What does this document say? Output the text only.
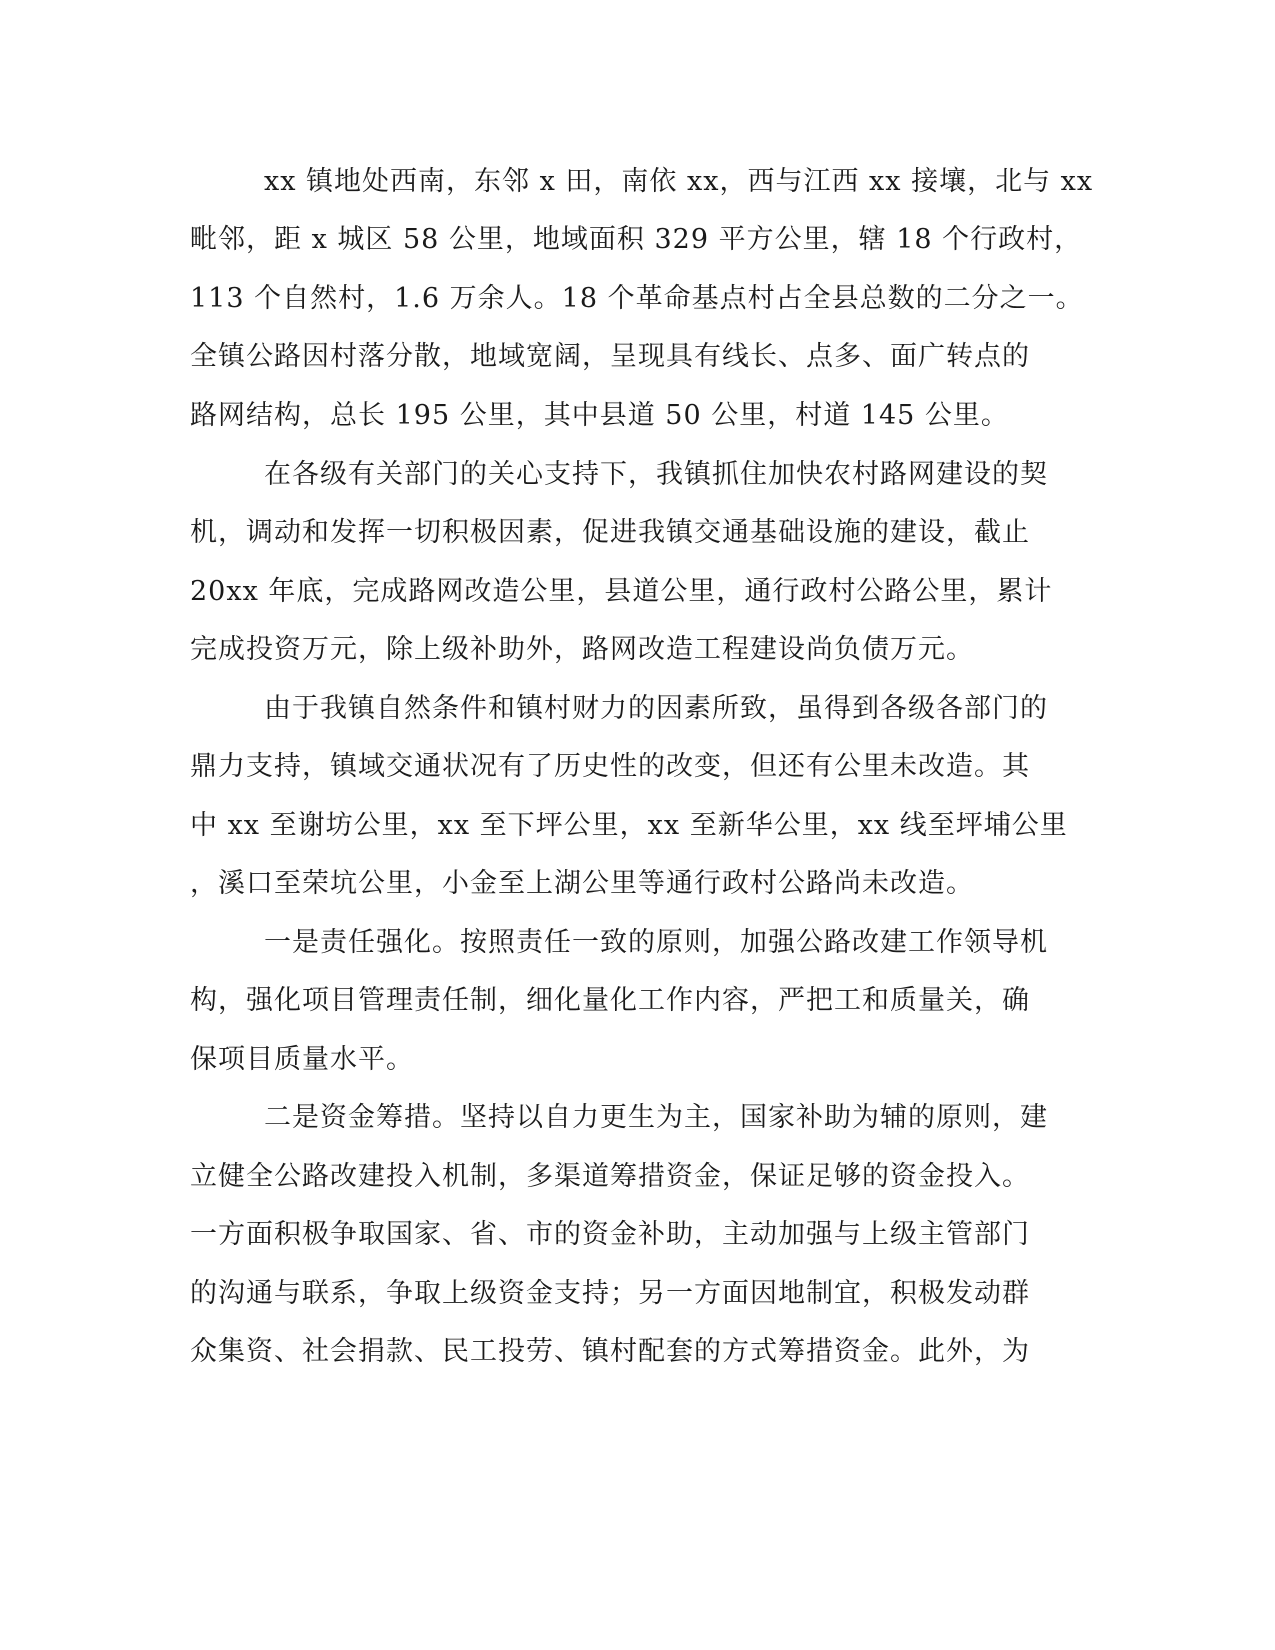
xx 镇地处西南，东邻 x 田，南依 xx，西与江西 xx 接壤，北与 xx
毗邻，距 x 城区 58 公里，地域面积 329 平方公里，辖 18 个行政村，
113 个自然村，1.6 万余人。18 个革命基点村占全县总数的二分之一。
全镇公路因村落分散，地域宽阔，呈现具有线长、点多、面广转点的
路网结构，总长 195 公里，其中县道 50 公里，村道 145 公里。
在各级有关部门的关心支持下，我镇抓住加快农村路网建设的契
机，调动和发挥一切积极因素，促进我镇交通基础设施的建设，截止
20xx 年底，完成路网改造公里，县道公里，通行政村公路公里，累计
完成投资万元，除上级补助外，路网改造工程建设尚负债万元。
由于我镇自然条件和镇村财力的因素所致，虽得到各级各部门的
鼎力支持，镇域交通状况有了历史性的改变，但还有公里未改造。其
中 xx 至谢坊公里，xx 至下坪公里，xx 至新华公里，xx 线至坪埔公里
，溪口至荣坑公里，小金至上湖公里等通行政村公路尚未改造。
一是责任强化。按照责任一致的原则，加强公路改建工作领导机
构，强化项目管理责任制，细化量化工作内容，严把工和质量关，确
保项目质量水平。
二是资金筹措。坚持以自力更生为主，国家补助为辅的原则，建
立健全公路改建投入机制，多渠道筹措资金，保证足够的资金投入。
一方面积极争取国家、省、市的资金补助，主动加强与上级主管部门
的沟通与联系，争取上级资金支持；另一方面因地制宜，积极发动群
众集资、社会捐款、民工投劳、镇村配套的方式筹措资金。此外，为
